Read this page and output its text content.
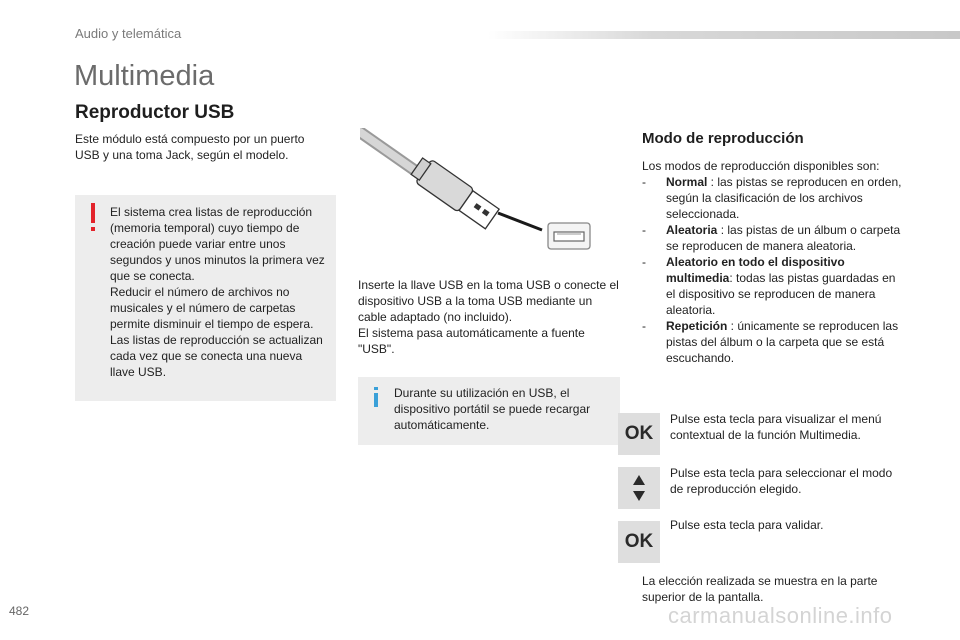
Audio y telemática
Multimedia
Reproductor USB
Este módulo está compuesto por un puerto USB y una toma Jack, según el modelo.
El sistema crea listas de reproducción (memoria temporal) cuyo tiempo de creación puede variar entre unos segundos y unos minutos la primera vez que se conecta.
Reducir el número de archivos no musicales y el número de carpetas permite disminuir el tiempo de espera. Las listas de reproducción se actualizan cada vez que se conecta una nueva llave USB.
Inserte la llave USB en la toma USB o conecte el dispositivo USB a la toma USB mediante un cable adaptado (no incluido).
El sistema pasa automáticamente a fuente "USB".
Durante su utilización en USB, el dispositivo portátil se puede recargar automáticamente.
Modo de reproducción
Los modos de reproducción disponibles son:
- Normal : las pistas se reproducen en orden, según la clasificación de los archivos seleccionada.
- Aleatoria : las pistas de un álbum o carpeta se reproducen de manera aleatoria.
- Aleatorio en todo el dispositivo multimedia: todas las pistas guardadas en el dispositivo se reproducen de manera aleatoria.
- Repetición : únicamente se reproducen las pistas del álbum o la carpeta que se está escuchando.
OK
Pulse esta tecla para visualizar el menú contextual de la función Multimedia.
Pulse esta tecla para seleccionar el modo de reproducción elegido.
OK
Pulse esta tecla para validar.
La elección realizada se muestra en la parte superior de la pantalla.
482	carmanualsonline.info
